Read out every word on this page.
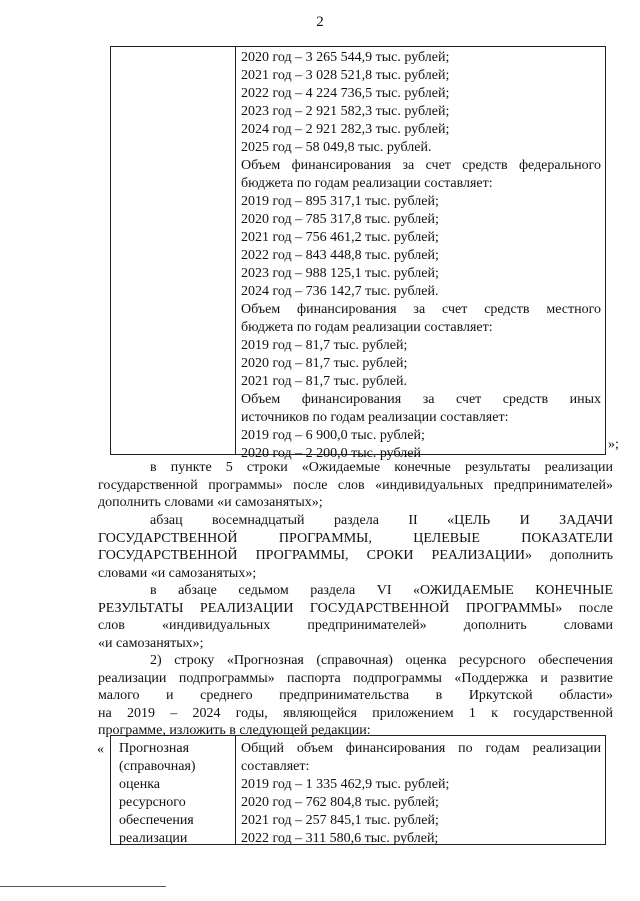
2
2020 год – 3 265 544,9 тыс. рублей;
2021 год – 3 028 521,8 тыс. рублей;
2022 год – 4 224 736,5 тыс. рублей;
2023 год – 2 921 582,3 тыс. рублей;
2024 год – 2 921 282,3 тыс. рублей;
2025 год – 58 049,8 тыс. рублей.
Объем финансирования за счет средств федерального
бюджета по годам реализации составляет:
2019 год – 895 317,1 тыс. рублей;
2020 год – 785 317,8 тыс. рублей;
2021 год – 756 461,2 тыс. рублей;
2022 год – 843 448,8 тыс. рублей;
2023 год – 988 125,1 тыс. рублей;
2024 год – 736 142,7 тыс. рублей.
Объем финансирования за счет средств местного
бюджета по годам реализации составляет:
2019 год – 81,7 тыс. рублей;
2020 год – 81,7 тыс. рублей;
2021 год – 81,7 тыс. рублей.
Объем финансирования за счет средств иных
источников по годам реализации составляет:
2019 год – 6 900,0 тыс. рублей;
2020 год – 2 200,0 тыс. рублей
»;
в пункте 5 строки «Ожидаемые конечные результаты реализации
государственной программы» после слов «индивидуальных предпринимателей»
дополнить словами «и самозанятых»;
абзац восемнадцатый раздела II «ЦЕЛЬ И ЗАДАЧИ
ГОСУДАРСТВЕННОЙ ПРОГРАММЫ, ЦЕЛЕВЫЕ ПОКАЗАТЕЛИ
ГОСУДАРСТВЕННОЙ ПРОГРАММЫ, СРОКИ РЕАЛИЗАЦИИ» дополнить
словами «и самозанятых»;
в абзаце седьмом раздела VI «ОЖИДАЕМЫЕ КОНЕЧНЫЕ
РЕЗУЛЬТАТЫ РЕАЛИЗАЦИИ ГОСУДАРСТВЕННОЙ ПРОГРАММЫ» после
слов «индивидуальных предпринимателей» дополнить словами
«и самозанятых»;
2) строку «Прогнозная (справочная) оценка ресурсного обеспечения
реализации подпрограммы» паспорта подпрограммы «Поддержка и развитие
малого и среднего предпринимательства в Иркутской области»
на 2019 – 2024 годы, являющейся приложением 1 к государственной
программе, изложить в следующей редакции:
« Прогнозная
(справочная)
оценка
ресурсного
обеспечения
реализации
Общий объем финансирования по годам реализации
составляет:
2019 год – 1 335 462,9 тыс. рублей;
2020 год – 762 804,8 тыс. рублей;
2021 год – 257 845,1 тыс. рублей;
2022 год – 311 580,6 тыс. рублей;
